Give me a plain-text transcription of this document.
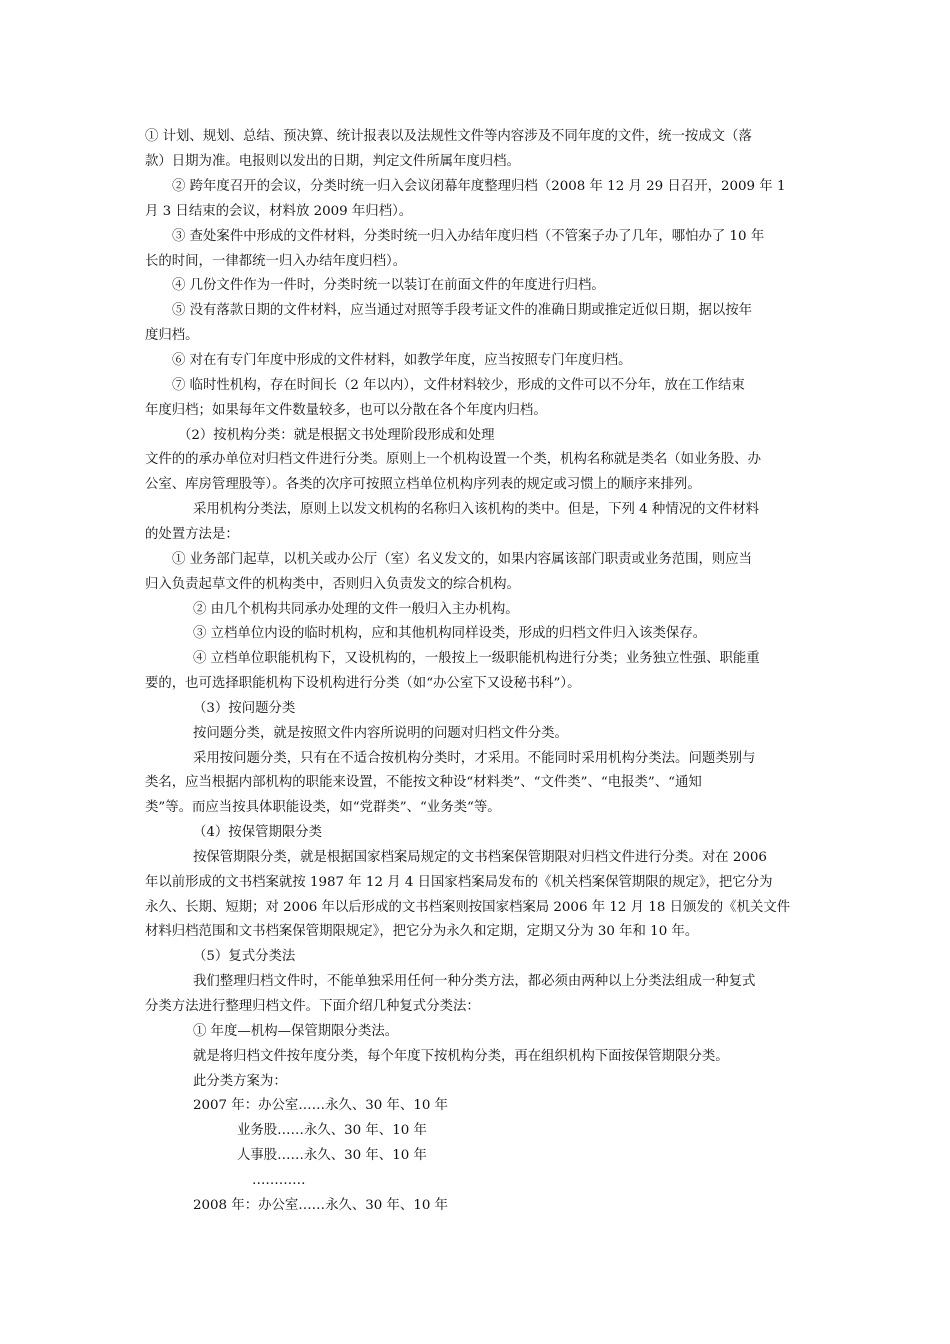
① 计划、规划、总结、预决算、统计报表以及法规性文件等内容涉及不同年度的文件，统一按成文（落
款）日期为准。电报则以发出的日期，判定文件所属年度归档。
② 跨年度召开的会议，分类时统一归入会议闭幕年度整理归档（2008 年 12 月 29 日召开，2009 年 1
月 3 日结束的会议，材料放 2009 年归档）。
③ 查处案件中形成的文件材料，分类时统一归入办结年度归档（不管案子办了几年，哪怕办了 10 年
长的时间，一律都统一归入办结年度归档）。
④ 几份文件作为一件时，分类时统一以装订在前面文件的年度进行归档。
⑤ 没有落款日期的文件材料，应当通过对照等手段考证文件的准确日期或推定近似日期，据以按年
度归档。
⑥ 对在有专门年度中形成的文件材料，如教学年度，应当按照专门年度归档。
⑦ 临时性机构，存在时间长（2 年以内），文件材料较少，形成的文件可以不分年，放在工作结束
年度归档；如果每年文件数量较多，也可以分散在各个年度内归档。
（2）按机构分类：就是根据文书处理阶段形成和处理
文件的的承办单位对归档文件进行分类。原则上一个机构设置一个类，机构名称就是类名（如业务股、办
公室、库房管理股等）。各类的次序可按照立档单位机构序列表的规定或习惯上的顺序来排列。
采用机构分类法，原则上以发文机构的名称归入该机构的类中。但是，下列 4 种情况的文件材料
的处置方法是：
① 业务部门起草，以机关或办公厅（室）名义发文的，如果内容属该部门职责或业务范围，则应当
归入负责起草文件的机构类中，否则归入负责发文的综合机构。
② 由几个机构共同承办处理的文件一般归入主办机构。
③ 立档单位内设的临时机构，应和其他机构同样设类，形成的归档文件归入该类保存。
④ 立档单位职能机构下，又设机构的，一般按上一级职能机构进行分类；业务独立性强、职能重
要的，也可选择职能机构下设机构进行分类（如“办公室下又设秘书科”）。
（3）按问题分类
按问题分类，就是按照文件内容所说明的问题对归档文件分类。
采用按问题分类，只有在不适合按机构分类时，才采用。不能同时采用机构分类法。问题类别与
类名，应当根据内部机构的职能来设置，不能按文种设“材料类”、“文件类”、“电报类”、“通知
类”等。而应当按具体职能设类，如“党群类”、“业务类“等。
（4）按保管期限分类
按保管期限分类，就是根据国家档案局规定的文书档案保管期限对归档文件进行分类。对在 2006
年以前形成的文书档案就按 1987 年 12 月 4 日国家档案局发布的《机关档案保管期限的规定》，把它分为
永久、长期、短期；对 2006 年以后形成的文书档案则按国家档案局 2006 年 12 月 18 日颁发的《机关文件
材料归档范围和文书档案保管期限规定》，把它分为永久和定期，定期又分为 30 年和 10 年。
（5）复式分类法
我们整理归档文件时，不能单独采用任何一种分类方法，都必须由两种以上分类法组成一种复式
分类方法进行整理归档文件。下面介绍几种复式分类法：
① 年度—机构—保管期限分类法。
就是将归档文件按年度分类，每个年度下按机构分类，再在组织机构下面按保管期限分类。
此分类方案为：
2007 年：办公室……永久、30 年、10 年
业务股……永久、30 年、10 年
人事股……永久、30 年、10 年
…………
2008 年：办公室……永久、30 年、10 年
